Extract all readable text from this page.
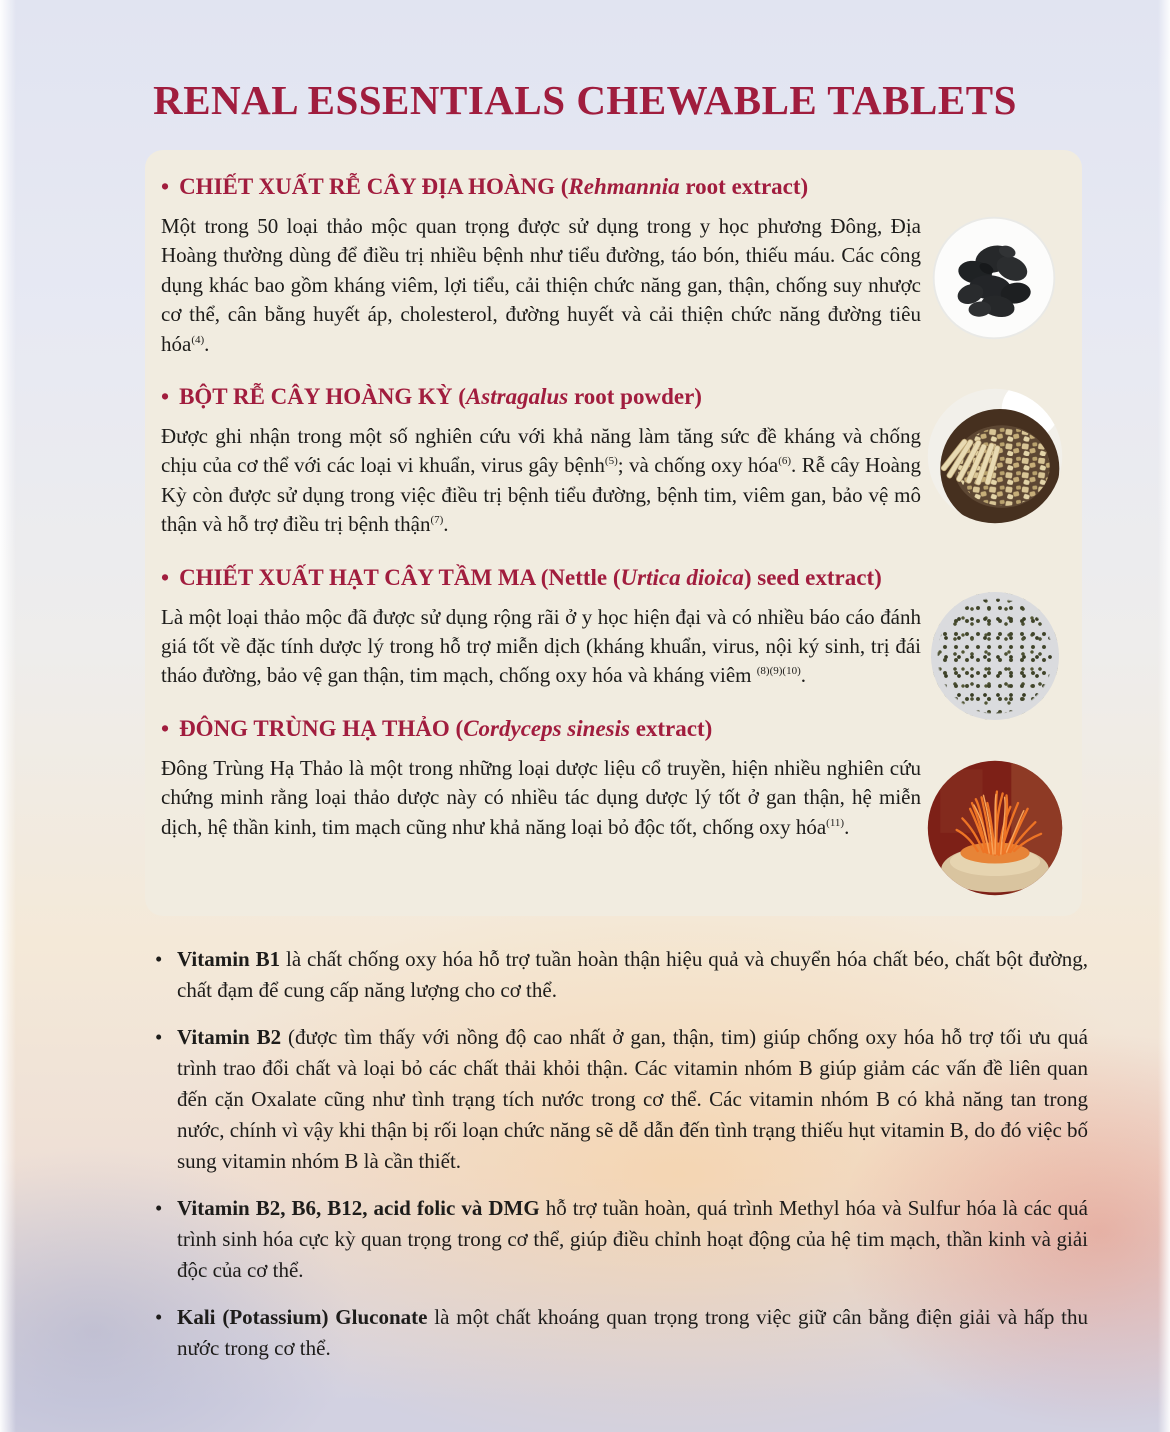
RENAL ESSENTIALS CHEWABLE TABLETS
• CHIẾT XUẤT RỄ CÂY ĐỊA HOÀNG (Rehmannia root extract)

Một trong 50 loại thảo mộc quan trọng được sử dụng trong y học phương Đông, Địa Hoàng thường dùng để điều trị nhiều bệnh như tiểu đường, táo bón, thiếu máu. Các công dụng khác bao gồm kháng viêm, lợi tiểu, cải thiện chức năng gan, thận, chống suy nhược cơ thể, cân bằng huyết áp, cholesterol, đường huyết và cải thiện chức năng đường tiêu hóa$^{(4)}$.

• BỘT RỄ CÂY HOÀNG KỲ (Astragalus root powder)

Được ghi nhận trong một số nghiên cứu với khả năng làm tăng sức đề kháng và chống chịu của cơ thể với các loại vi khuẩn, virus gây bệnh$^{(5)}$; và chống oxy hóa$^{(6)}$. Rễ cây Hoàng Kỳ còn được sử dụng trong việc điều trị bệnh tiểu đường, bệnh tim, viêm gan, bảo vệ mô thận và hỗ trợ điều trị bệnh thận$^{(7)}$.

• CHIẾT XUẤT HẠT CÂY TẦM MA (Nettle (Urtica dioica) seed extract)

Là một loại thảo mộc đã được sử dụng rộng rãi ở y học hiện đại và có nhiều báo cáo đánh giá tốt về đặc tính dược lý trong hỗ trợ miễn dịch (kháng khuẩn, virus, nội ký sinh, trị đái tháo đường, bảo vệ gan thận, tim mạch, chống oxy hóa và kháng viêm $^{(8)(9)(10)}$.

• ĐÔNG TRÙNG HẠ THẢO (Cordyceps sinesis extract)

Đông Trùng Hạ Thảo là một trong những loại dược liệu cổ truyền, hiện nhiều nghiên cứu chứng minh rằng loại thảo dược này có nhiều tác dụng dược lý tốt ở gan thận, hệ miễn dịch, hệ thần kinh, tim mạch cũng như khả năng loại bỏ độc tốt, chống oxy hóa$^{(11)}$.

• Vitamin B1 là chất chống oxy hóa hỗ trợ tuần hoàn thận hiệu quả và chuyển hóa chất béo, chất bột đường, chất đạm để cung cấp năng lượng cho cơ thể.
• Vitamin B2 (được tìm thấy với nồng độ cao nhất ở gan, thận, tim) giúp chống oxy hóa hỗ trợ tối ưu quá trình trao đổi chất và loại bỏ các chất thải khỏi thận. Các vitamin nhóm B giúp giảm các vấn đề liên quan đến cặn Oxalate cũng như tình trạng tích nước trong cơ thể. Các vitamin nhóm B có khả năng tan trong nước, chính vì vậy khi thận bị rối loạn chức năng sẽ dễ dẫn đến tình trạng thiếu hụt vitamin B, do đó việc bố sung vitamin nhóm B là cần thiết.
• Vitamin B2, B6, B12, acid folic và DMG hỗ trợ tuần hoàn, quá trình Methyl hóa và Sulfur hóa là các quá trình sinh hóa cực kỳ quan trọng trong cơ thể, giúp điều chỉnh hoạt động của hệ tim mạch, thần kinh và giải độc của cơ thể.
• Kali (Potassium) Gluconate là một chất khoáng quan trọng trong việc giữ cân bằng điện giải và hấp thu nước trong cơ thể.
